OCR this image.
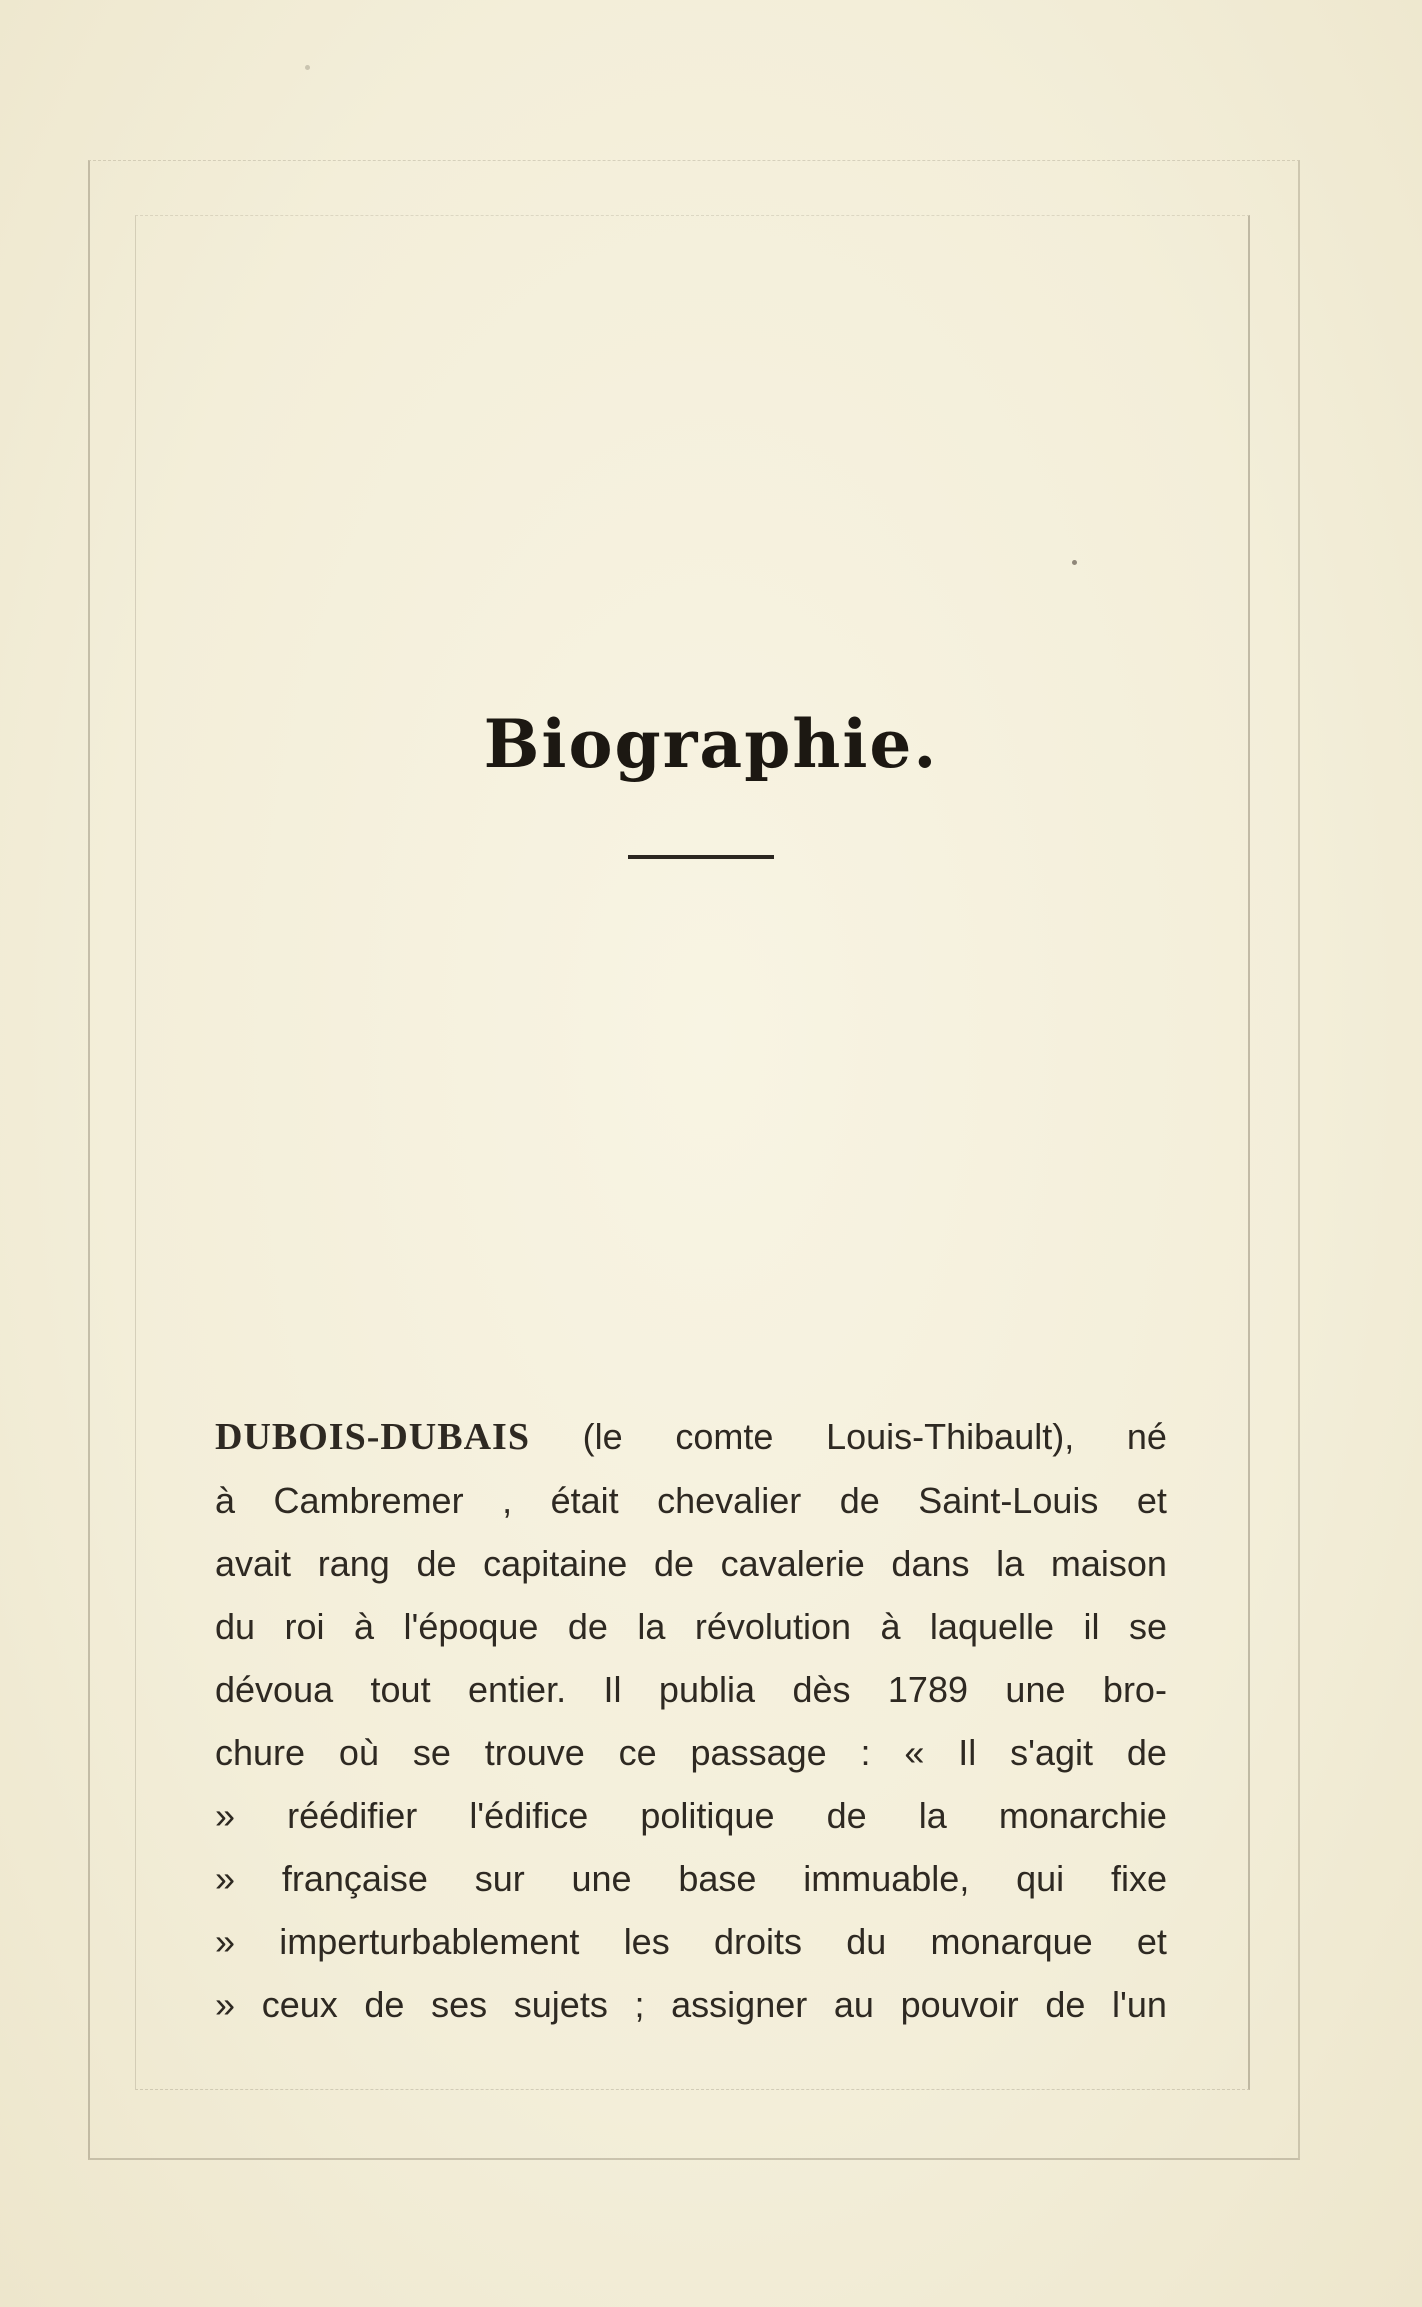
Biographie.
DUBOIS-DUBAIS (le comte Louis-Thibault), né
à Cambremer , était chevalier de Saint-Louis et
avait rang de capitaine de cavalerie dans la maison
du roi à l'époque de la révolution à laquelle il se
dévoua tout entier. Il publia dès 1789 une bro-
chure où se trouve ce passage : « Il s'agit de
» réédifier l'édifice politique de la monarchie
» française sur une base immuable, qui fixe
» imperturbablement les droits du monarque et
» ceux de ses sujets ; assigner au pouvoir de l'un
